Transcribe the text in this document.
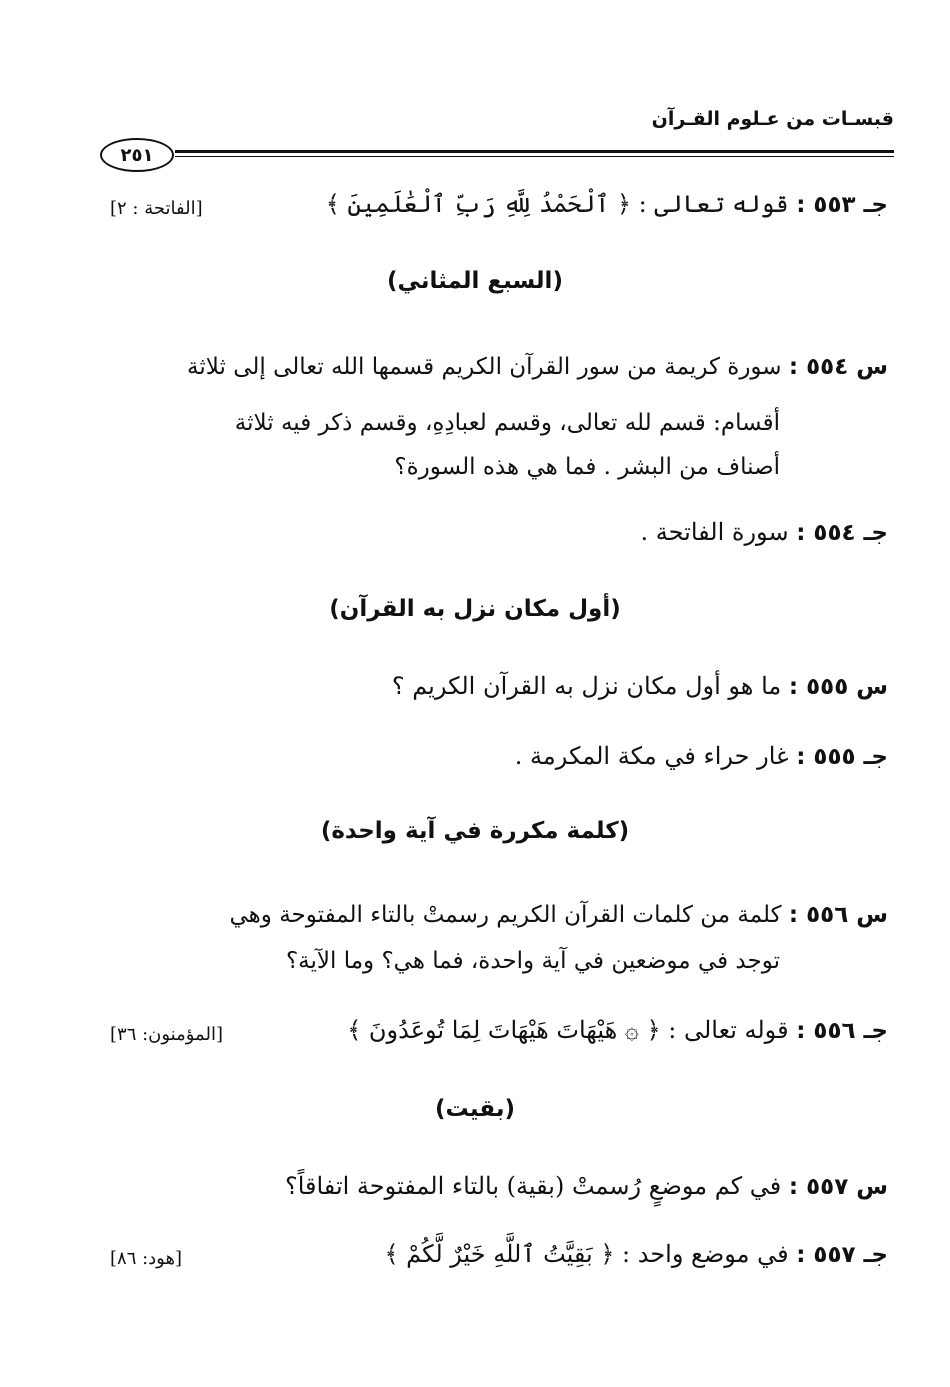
قبسـات من عـلوم القـرآن
٢٥١
جـ ٥٥٣ : قوله تعالى : ﴿ ٱلْحَمْدُ لِلَّهِ رَبِّ ٱلْعَٰلَمِينَ ﴾
[الفاتحة : ٢]
(السبع المثاني)
س ٥٥٤ : سورة كريمة من سور القرآن الكريم قسمها الله تعالى إلى ثلاثة
أقسام: قسم لله تعالى، وقسم لعبادِهِ، وقسم ذكر فيه ثلاثة
أصناف من البشر . فما هي هذه السورة؟
جـ ٥٥٤ : سورة الفاتحة .
(أول مكان نزل به القرآن)
س ٥٥٥ : ما هو أول مكان نزل به القرآن الكريم ؟
جـ ٥٥٥ : غار حراء في مكة المكرمة .
(كلمة مكررة في آية واحدة)
س ٥٥٦ : كلمة من كلمات القرآن الكريم رسمتْ بالتاء المفتوحة وهي
توجد في موضعين في آية واحدة، فما هي؟ وما الآية؟
جـ ٥٥٦ : قوله تعالى : ﴿ ۞ هَيْهَاتَ هَيْهَاتَ لِمَا تُوعَدُونَ ﴾
[المؤمنون: ٣٦]
(بقيت)
س ٥٥٧ : في كم موضعٍ رُسمتْ (بقية) بالتاء المفتوحة اتفاقاً؟
جـ ٥٥٧ : في موضع واحد : ﴿ بَقِيَّتُ ٱللَّهِ خَيْرٌ لَّكُمْ ﴾
[هود: ٨٦]
